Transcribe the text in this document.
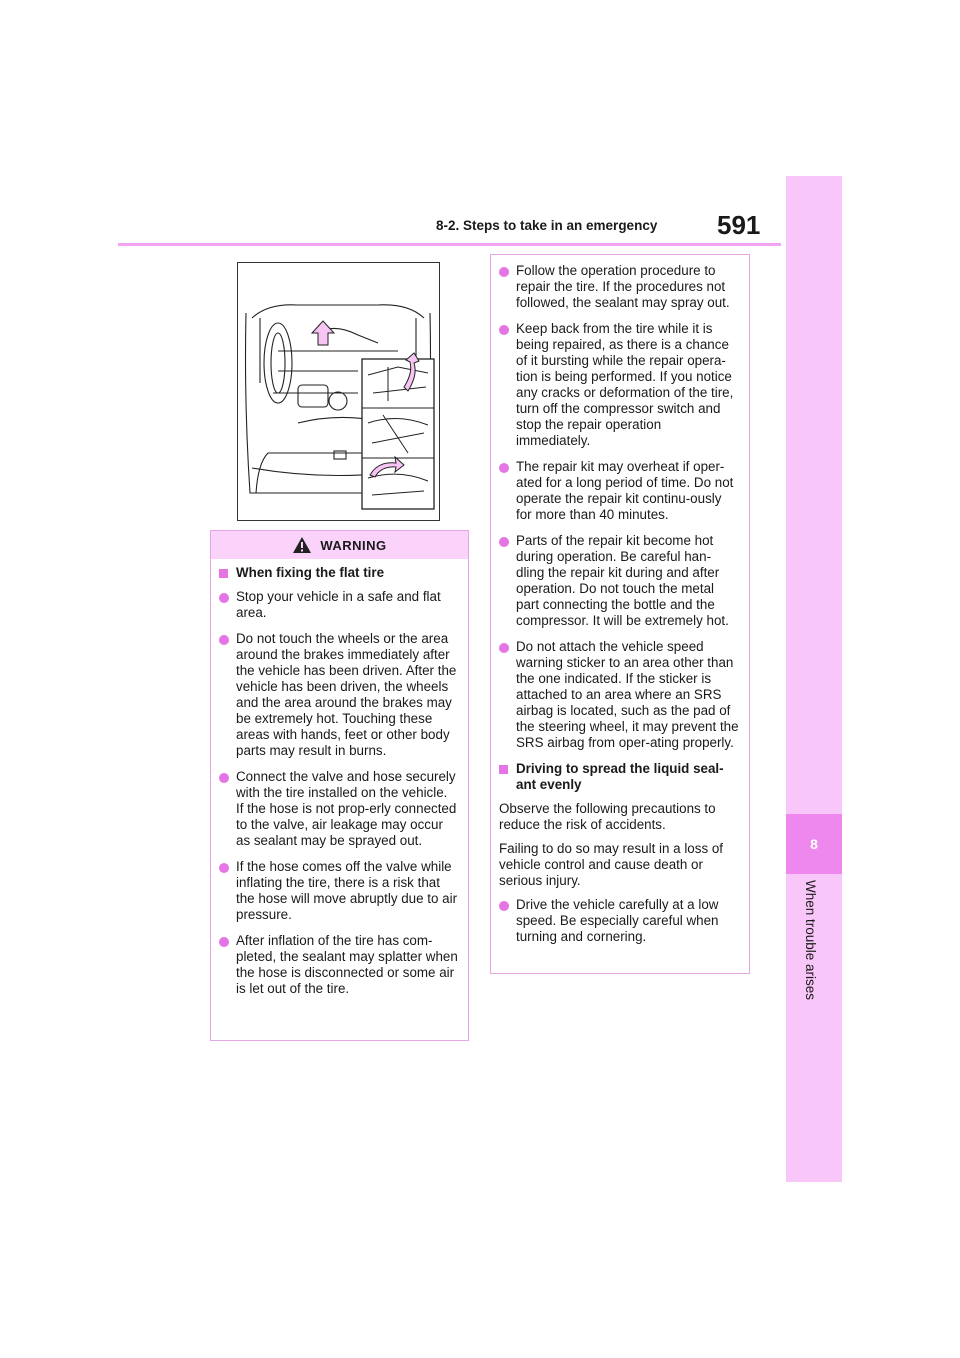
8
When trouble arises
8-2. Steps to take in an emergency 591
WARNING
When fixing the flat tire
Stop your vehicle in a safe and flat area.
Do not touch the wheels or the area around the brakes immediately after the vehicle has been driven. After the vehicle has been driven, the wheels and the area around the brakes may be extremely hot. Touching these areas with hands, feet or other body parts may result in burns.
Connect the valve and hose securely with the tire installed on the vehicle. If the hose is not prop-erly connected to the valve, air leakage may occur as sealant may be sprayed out.
If the hose comes off the valve while inflating the tire, there is a risk that the hose will move abruptly due to air pressure.
After inflation of the tire has com-pleted, the sealant may splatter when the hose is disconnected or some air is let out of the tire.
Follow the operation procedure to repair the tire. If the procedures not followed, the sealant may spray out.
Keep back from the tire while it is being repaired, as there is a chance of it bursting while the repair opera-tion is being performed. If you notice any cracks or deformation of the tire, turn off the compressor switch and stop the repair operation immediately.
The repair kit may overheat if oper-ated for a long period of time. Do not operate the repair kit continu-ously for more than 40 minutes.
Parts of the repair kit become hot during operation. Be careful han-dling the repair kit during and after operation. Do not touch the metal part connecting the bottle and the compressor. It will be extremely hot.
Do not attach the vehicle speed warning sticker to an area other than the one indicated. If the sticker is attached to an area where an SRS airbag is located, such as the pad of the steering wheel, it may prevent the SRS airbag from oper-ating properly.
Driving to spread the liquid seal-ant evenly
Observe the following precautions to reduce the risk of accidents.
Failing to do so may result in a loss of vehicle control and cause death or serious injury.
Drive the vehicle carefully at a low speed. Be especially careful when turning and cornering.
